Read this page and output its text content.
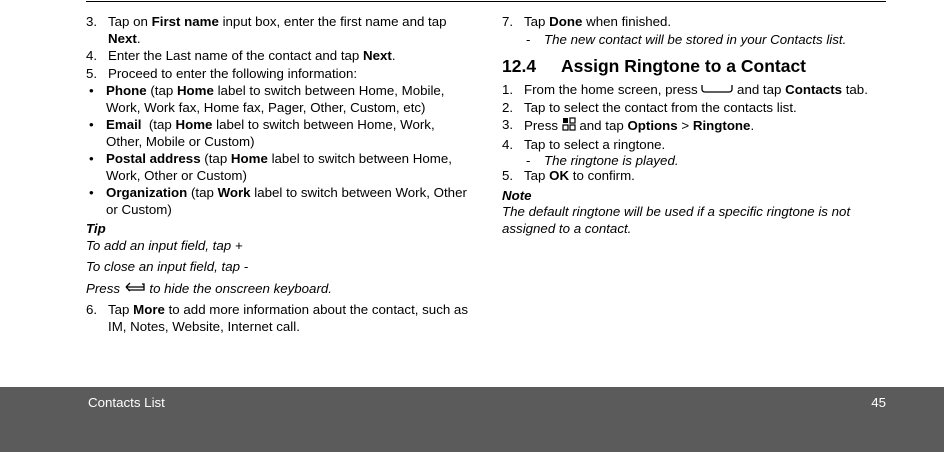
3. Tap on First name input box, enter the first name and tap Next.
4. Enter the Last name of the contact and tap Next.
5. Proceed to enter the following information:
• Phone (tap Home label to switch between Home, Mobile, Work, Work fax, Home fax, Pager, Other, Custom, etc)
• Email  (tap Home label to switch between Home, Work, Other, Mobile or Custom)
• Postal address (tap Home label to switch between Home, Work, Other or Custom)
• Organization (tap Work label to switch between Work, Other or Custom)
Tip
To add an input field, tap +
To close an input field, tap -
Press  to hide the onscreen keyboard.
6. Tap More to add more information about the contact, such as IM, Notes, Website, Internet call.
7. Tap Done when finished.
- The new contact will be stored in your Contacts list.
12.4 Assign Ringtone to a Contact
1. From the home screen, press  and tap Contacts tab.
2. Tap to select the contact from the contacts list.
3. Press  and tap Options > Ringtone.
4. Tap to select a ringtone.
- The ringtone is played.
5. Tap OK to confirm.
Note
The default ringtone will be used if a specific ringtone is not assigned to a contact.
Contacts List	45
